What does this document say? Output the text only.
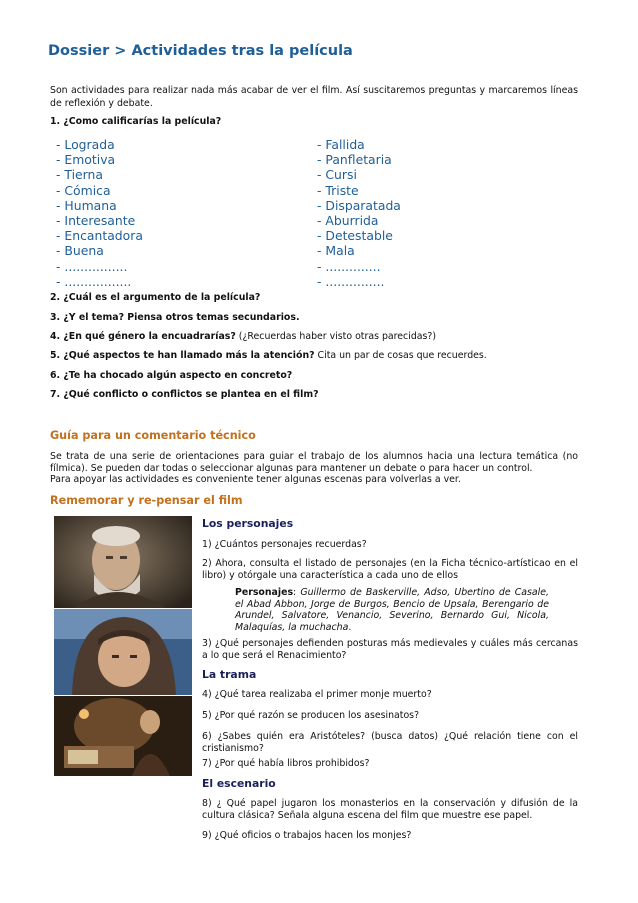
Dossier > Actividades tras la película
Son actividades para realizar nada más acabar de ver el film. Así suscitaremos preguntas y marcaremos líneas de reflexión y debate.
1. ¿Como calificarías la película?
- Lograda
- Emotiva
- Tierna
- Cómica
- Humana
- Interesante
- Encantadora
- Buena
- ................
- .................
- Fallida
- Panfletaria
- Cursi
- Triste
- Disparatada
- Aburrida
- Detestable
- Mala
- ..............
- ...............
2. ¿Cuál es el argumento de la película?
3. ¿Y el tema? Piensa otros temas secundarios.
4. ¿En qué género la encuadrarías? (¿Recuerdas haber visto otras parecidas?)
5. ¿Qué aspectos te han llamado más la atención? Cita un par de cosas que recuerdes.
6. ¿Te ha chocado algún aspecto en concreto?
7. ¿Qué conflicto o conflictos se plantea en el film?
Guía para un comentario técnico
Se trata de una serie de orientaciones para guiar el trabajo de los alumnos hacia una lectura temática (no fílmica). Se pueden dar todas o seleccionar algunas para mantener un debate o para hacer un control.
Para apoyar las actividades es conveniente tener algunas escenas para volverlas a ver.
Rememorar y re-pensar el film
Los personajes
1) ¿Cuántos personajes recuerdas?
2) Ahora, consulta el listado de personajes (en la Ficha técnico-artísticao en el libro) y otórgale una característica a cada uno de ellos
Personajes: Guillermo de Baskerville, Adso, Ubertino de Casale, el Abad Abbon, Jorge de Burgos, Bencio de Upsala, Berengario de Arundel, Salvatore, Venancio, Severino, Bernardo Gui, Nicola, Malaquías, la muchacha.
3) ¿Qué personajes defienden posturas más medievales y cuáles más cercanas a lo que será el Renacimiento?
La trama
4) ¿Qué tarea realizaba el primer monje muerto?
5) ¿Por qué razón se producen los asesinatos?
6) ¿Sabes quién era Aristóteles? (busca datos) ¿Qué relación tiene con el cristianismo?
7) ¿Por qué había libros prohibidos?
El escenario
8) ¿ Qué papel jugaron los monasterios en la conservación y difusión de la cultura clásica? Señala alguna escena del film que muestre ese papel.
9) ¿Qué oficios o trabajos hacen los monjes?
